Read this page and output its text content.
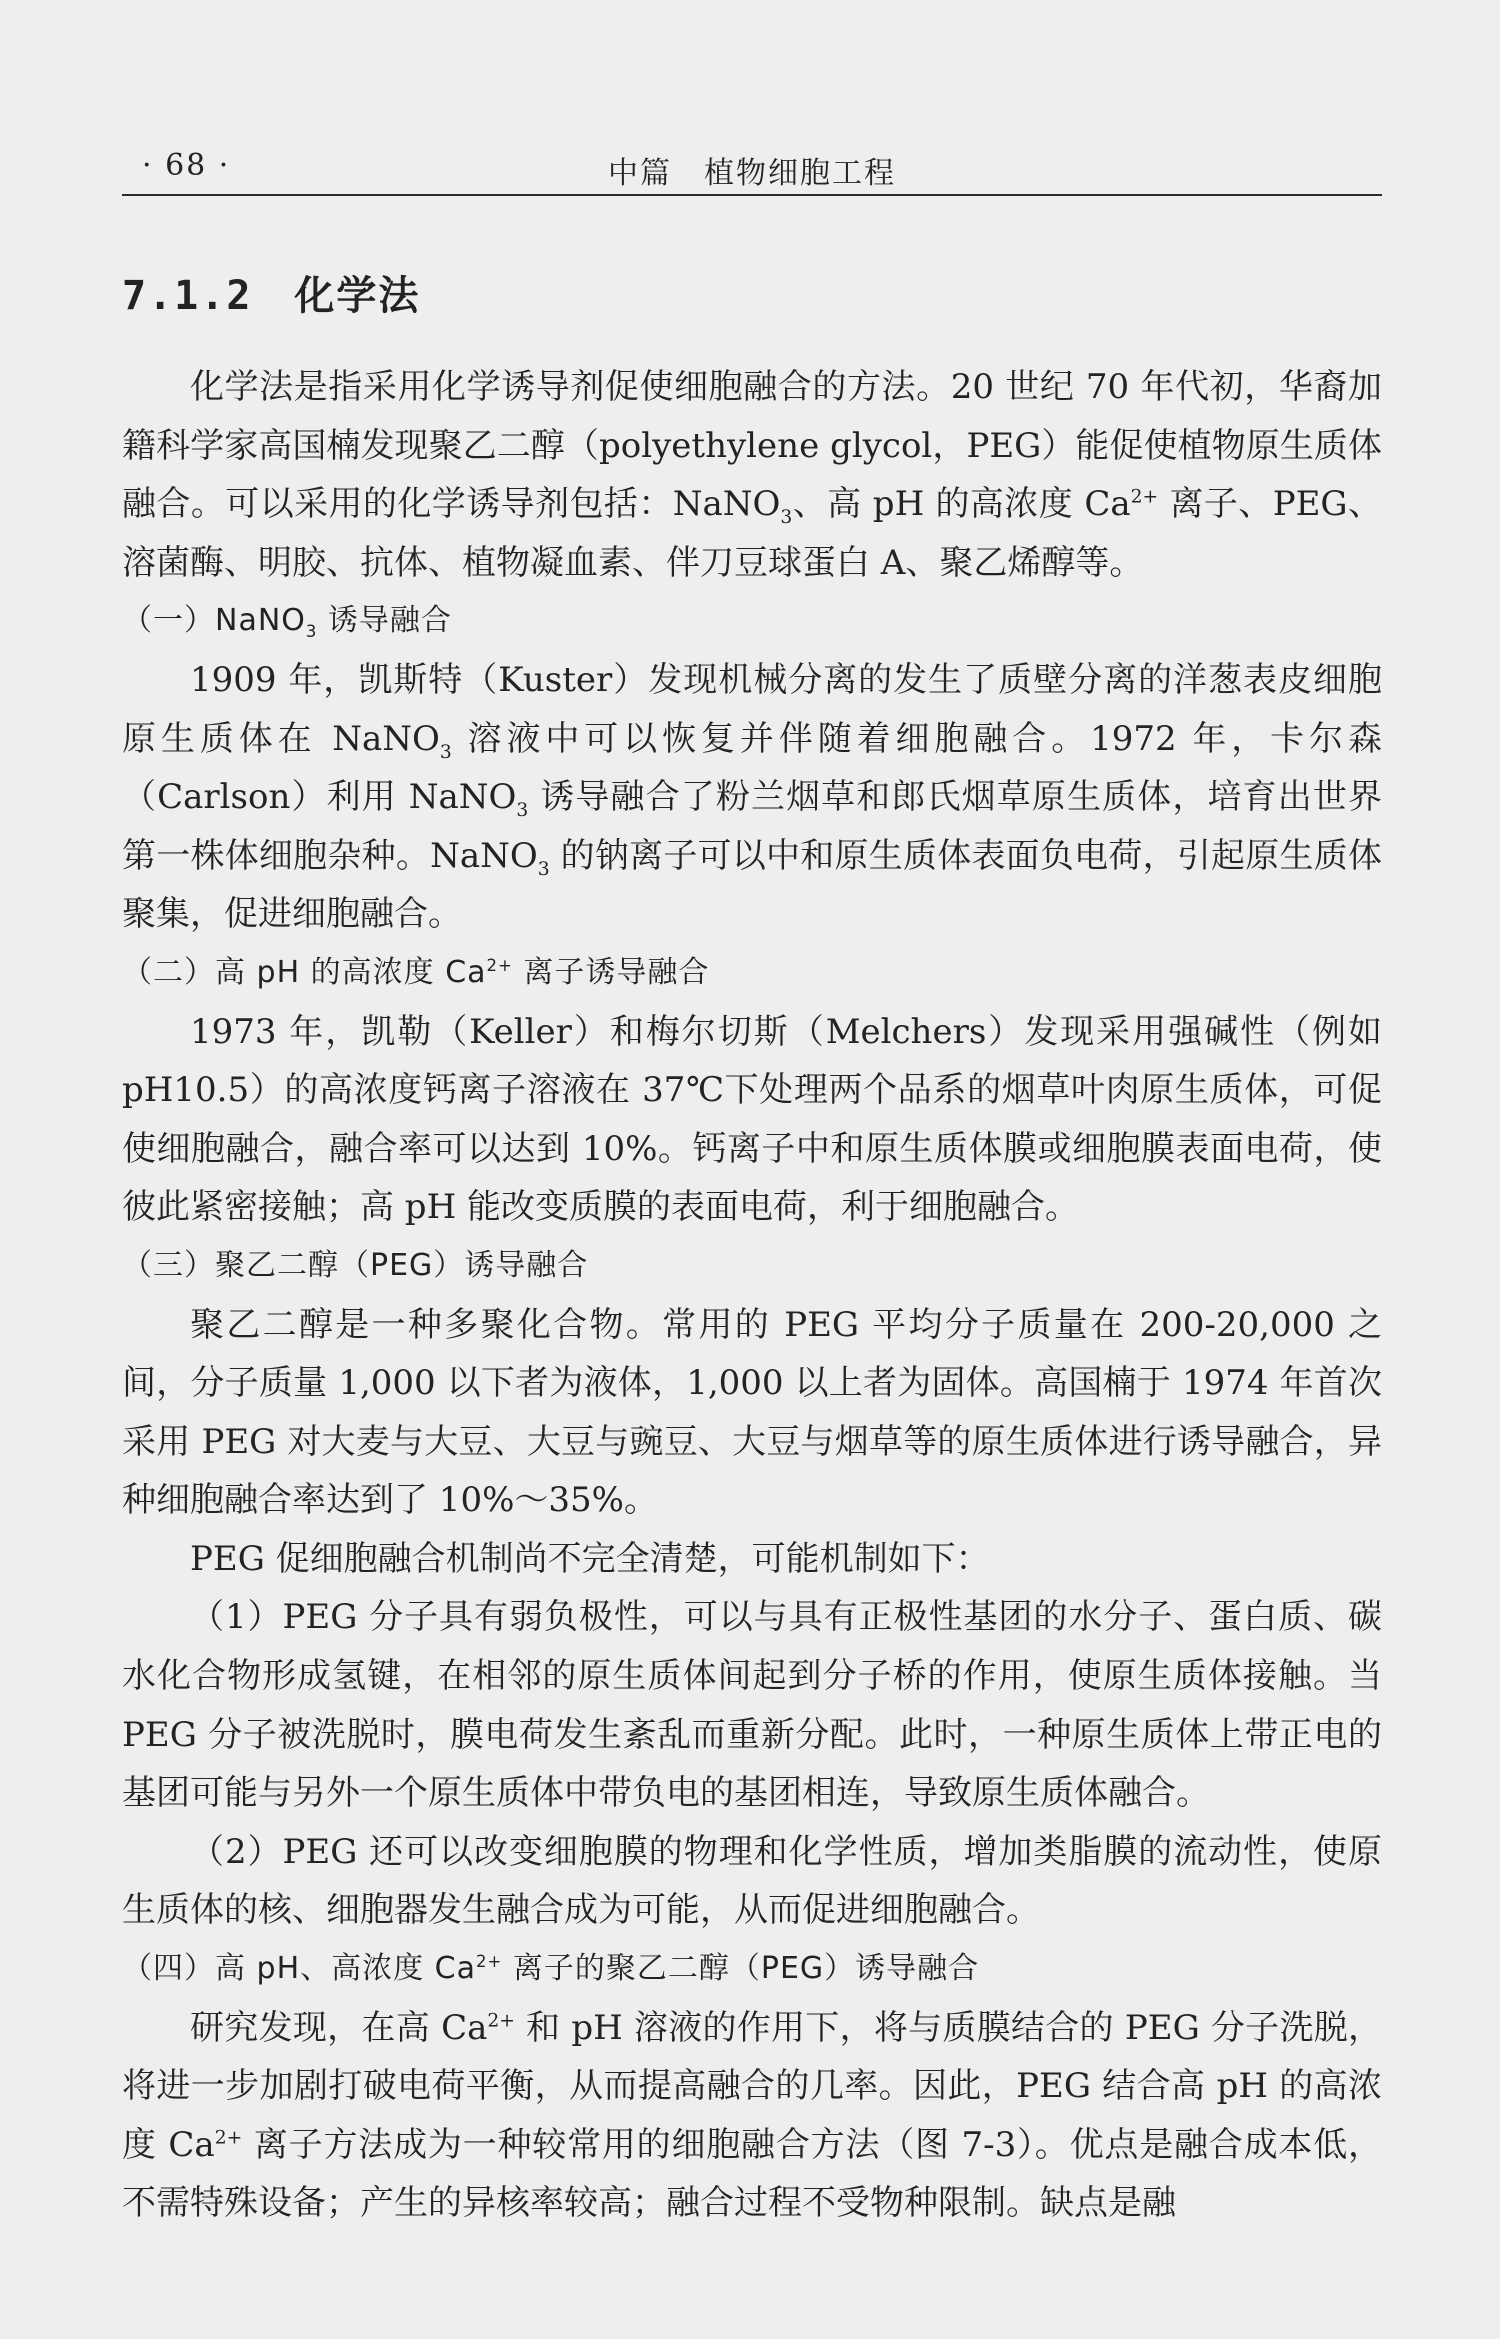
· 68 ·	中篇　植物细胞工程
7.1.2　化学法

化学法是指采用化学诱导剂促使细胞融合的方法。20 世纪 70 年代初，华裔加籍科学家高国楠发现聚乙二醇（polyethylene glycol，PEG）能促使植物原生质体融合。可以采用的化学诱导剂包括：NaNO$_3$、高 pH 的高浓度 $Ca^{2+}$ 离子、PEG、溶菌酶、明胶、抗体、植物凝血素、伴刀豆球蛋白 A、聚乙烯醇等。

（一）NaNO$_3$ 诱导融合

1909 年，凯斯特（Kuster）发现机械分离的发生了质壁分离的洋葱表皮细胞原生质体在 NaNO$_3$ 溶液中可以恢复并伴随着细胞融合。1972 年，卡尔森（Carlson）利用 NaNO$_3$ 诱导融合了粉兰烟草和郎氏烟草原生质体，培育出世界第一株体细胞杂种。NaNO$_3$ 的钠离子可以中和原生质体表面负电荷，引起原生质体聚集，促进细胞融合。

（二）高 pH 的高浓度 $Ca^{2+}$ 离子诱导融合

1973 年，凯勒（Keller）和梅尔切斯（Melchers）发现采用强碱性（例如 pH10.5）的高浓度钙离子溶液在 37℃下处理两个品系的烟草叶肉原生质体，可促使细胞融合，融合率可以达到 10%。钙离子中和原生质体膜或细胞膜表面电荷，使彼此紧密接触；高 pH 能改变质膜的表面电荷，利于细胞融合。

（三）聚乙二醇（PEG）诱导融合

聚乙二醇是一种多聚化合物。常用的 PEG 平均分子质量在 200-20,000 之间，分子质量 1,000 以下者为液体，1,000 以上者为固体。高国楠于 1974 年首次采用 PEG 对大麦与大豆、大豆与豌豆、大豆与烟草等的原生质体进行诱导融合，异种细胞融合率达到了 10%～35%。

PEG 促细胞融合机制尚不完全清楚，可能机制如下：

（1）PEG 分子具有弱负极性，可以与具有正极性基团的水分子、蛋白质、碳水化合物形成氢键，在相邻的原生质体间起到分子桥的作用，使原生质体接触。当 PEG 分子被洗脱时，膜电荷发生紊乱而重新分配。此时，一种原生质体上带正电的基团可能与另外一个原生质体中带负电的基团相连，导致原生质体融合。

（2）PEG 还可以改变细胞膜的物理和化学性质，增加类脂膜的流动性，使原生质体的核、细胞器发生融合成为可能，从而促进细胞融合。

（四）高 pH、高浓度 $Ca^{2+}$ 离子的聚乙二醇（PEG）诱导融合

研究发现，在高 $Ca^{2+}$ 和 pH 溶液的作用下，将与质膜结合的 PEG 分子洗脱，将进一步加剧打破电荷平衡，从而提高融合的几率。因此，PEG 结合高 pH 的高浓度 $Ca^{2+}$ 离子方法成为一种较常用的细胞融合方法（图 7-3）。优点是融合成本低，不需特殊设备；产生的异核率较高；融合过程不受物种限制。缺点是融
